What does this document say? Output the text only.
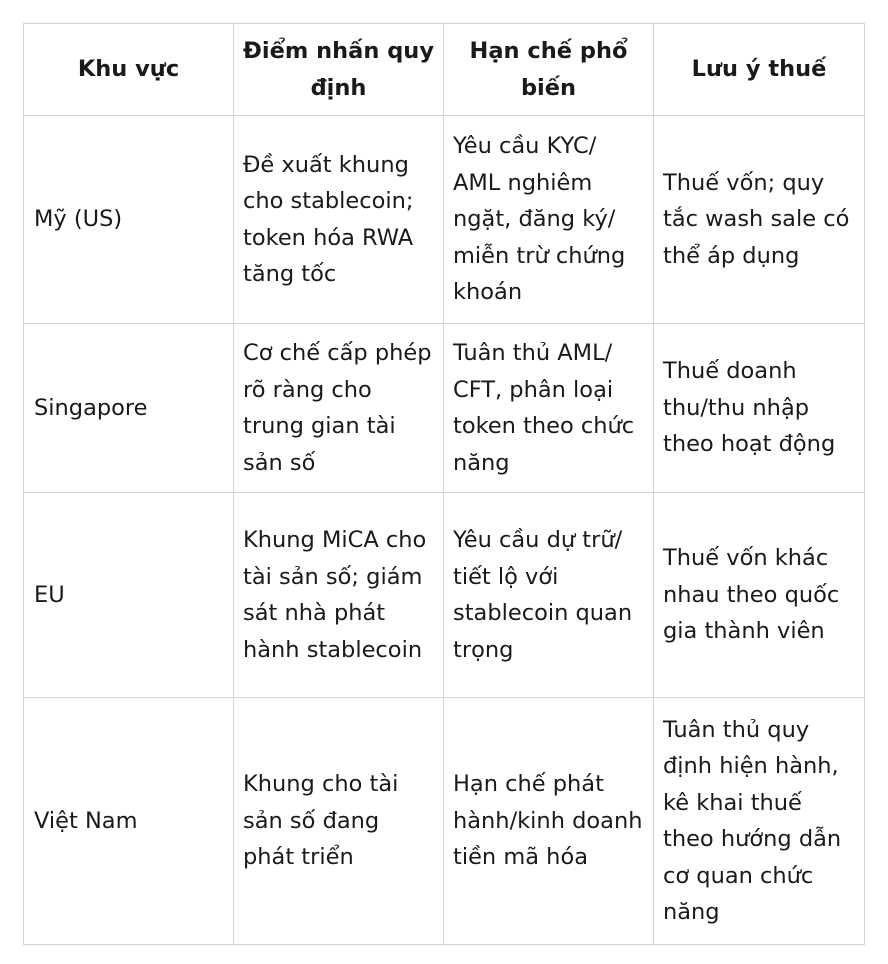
Khu vực	Điểm nhấn quy định	Hạn chế phổ biến	Lưu ý thuế
Mỹ (US)	Đề xuất khung cho stablecoin; token hóa RWA tăng tốc	Yêu cầu KYC/ AML nghiêm ngặt, đăng ký/ miễn trừ chứng khoán	Thuế vốn; quy tắc wash sale có thể áp dụng
Singapore	Cơ chế cấp phép rõ ràng cho trung gian tài sản số	Tuân thủ AML/ CFT, phân loại token theo chức năng	Thuế doanh thu/thu nhập theo hoạt động
EU	Khung MiCA cho tài sản số; giám sát nhà phát hành stablecoin	Yêu cầu dự trữ/ tiết lộ với stablecoin quan trọng	Thuế vốn khác nhau theo quốc gia thành viên
Việt Nam	Khung cho tài sản số đang phát triển	Hạn chế phát hành/kinh doanh tiền mã hóa	Tuân thủ quy định hiện hành, kê khai thuế theo hướng dẫn cơ quan chức năng
